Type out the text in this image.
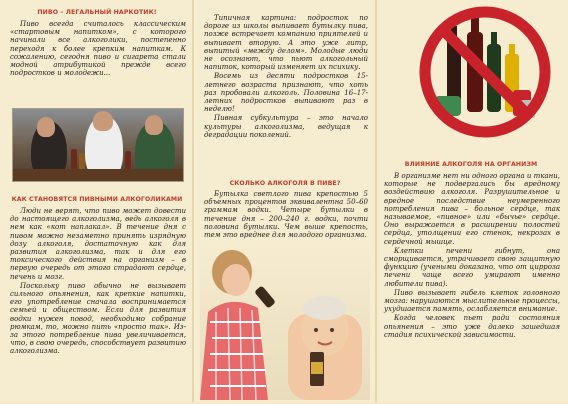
ПИВО – ЛЕГАЛЬНЫЙ НАРКОТИК!

Пиво всегда считалось классическим «стартовым напитком», с которого начинали все алкоголики, постепенно переходя к более крепким напиткам. К сожалению, сегодня пиво и сигарета стали модной атрибутикой прежде всего подростков и молодежи...

КАК СТАНОВЯТСЯ ПИВНЫМИ АЛКОГОЛИКАМИ

Люди не верят, что пиво может довести до настоящего алкоголизма, ведь алкоголя в нем как «кот наплакал». В течение дня с пивом можно незаметно принять изрядную дозу алкоголя, достаточную как для развития алкоголизма, так и для его токсического действия на организм – в первую очередь от этого страдают сердце, печень и мозг.

Поскольку пиво обычно не вызывает сильного опьянения, как крепкие напитки, его употребление сначала воспринимается семьей и обществом. Если для развития водки нужен повод, необходимо собрание рюмкам, то, можно пить «просто так». Из-за этого потребление пива увеличивается, что, в свою очередь, способствует развитию алкоголизма.

Типичная картина: подросток по дороге из школы выпивает бутылку пива, позже встречает компанию приятелей и выпивает вторую. А это уже литр, выпитый «между делом». Молодые люди не осознают, что пьют алкогольный напиток, который изменяет их психику.

Восемь из десяти подростков 15-летнего возраста признают, что хоть раз пробовали алкоголь. Половина 16–17-летних подростков выпивают раз в неделю!

Пивная субкультура – это начало культуры алкоголизма, ведущая к деградации поколений.

СКОЛЬКО АЛКОГОЛЯ В ПИВЕ?

Бутылка светлого пива крепостью 5 объемных процентов эквивалентна 50–60 граммам водки. Четыре бутылки в течение дня – 200–240 г. водки, почти половина бутылки. Чем выше крепость, тем это вреднее для молодого организма.

ВЛИЯНИЕ АЛКОГОЛЯ НА ОРГАНИЗМ

В организме нет ни одного органа и ткани, которые не подвергались бы вредному воздействию алкоголя. Разрушительное и вредное последствие неумеренного потребления пива – больное сердце, так называемое, «пивное» или «бычье» сердце. Оно выражается в расширении полостей сердца, утолщении его стенок, некрозах в сердечной мышце.

Клетки печени гибнут, она сморщивается, утрачивает свою защитную функцию (учеными доказано, что от цирроза печени чаще всего умирают именно любители пива).

Пиво вызывает гибель клеток головного мозга: нарушаются мыслительные процессы, ухудшается память, ослабляется внимание.

Когда человек пьет ради состояния опьянения – это уже далеко зашедшая стадия психической зависимости.
